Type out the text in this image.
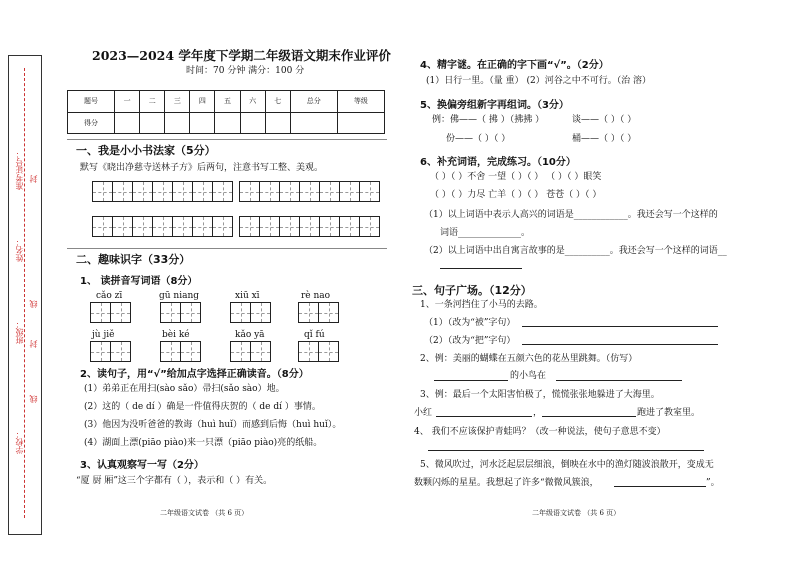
准考证号：
姓名：
班级：
学校：
封
线
封
线
2023—2024 学年度下学期二年级语文期末作业评价
时间：70 分钟 满分：100 分
题号	一	二	三	四	五	六	七	总分	等级
得分									
一、我是小小书法家（5分）
默写《晓出净慈寺送林子方》后两句，注意书写工整、美观。
二、趣味识字（33分）
1、 读拼音写词语（8分）
cǎo zī	gū niang	xiū xī	rè nao
jù jiě	bèi ké	kǎo yā	qǐ fú
2、读句子，用“√”给加点字选择正确读音。（8分）
(1）弟弟正在用扫(sào sǎo）帚扫(sǎo sào）地。
(2）这的（ de dí ）确是一件值得庆贺的（ de dí ）事情。
(3）他因为没听爸爸的教诲（huì huǐ）而感到后悔（huì huǐ）。
(4）湖面上漂(piāo piào)来一只漂（piāo piào)亮的纸船。
3、认真观察写一写（2分）
“厦 厨 厢”这三个字都有（ ），表示和（ ）有关。
二年级语文试卷 （共 6 页）
4、精字谜。在正确的字下画“√”。（2分）
(1）日行一里。（量 重） (2）河谷之中不可行。（治 溶）
5、换偏旁组新字再组词。（3分）
例：佛——（ 拂 ）（拂拂 ）	谈——（ ）（ ）
份——（ ）（ ）	桶——（ ）（ ）
6、补充词语，完成练习。（10分）
（ ）（ ）不舍 一望（ ）（ ） （ ）（ ）眼笑
（ ）（ ）力尽 亡羊（ ）（ ） 苍苍（ ）（ ）
（1）以上词语中表示人高兴的词语是____________。我还会写一个这样的
词语______________。
（2）以上词语中出自寓言故事的是__________。我还会写一个这样的词语__
三、句子广场。（12分）
1、一条河挡住了小马的去路。
（1）（改为“被”字句）
（2）（改为“把”字句）
2、例：美丽的蝴蝶在五颜六色的花丛里跳舞。（仿写）
的小鸟在
3、例：最后一个太阳害怕极了，慌慌张张地躲进了大海里。
小红	，	跑进了教室里。
4、 我们不应该保护青蛙吗？（改一种说法，使句子意思不变）
5、微风吹过，河水泛起层层细浪，倒映在水中的渔灯随波浪散开，变成无
数颗闪烁的星星。我想起了许多“微微风簇浪，	”。
二年级语文试卷 （共 6 页）
